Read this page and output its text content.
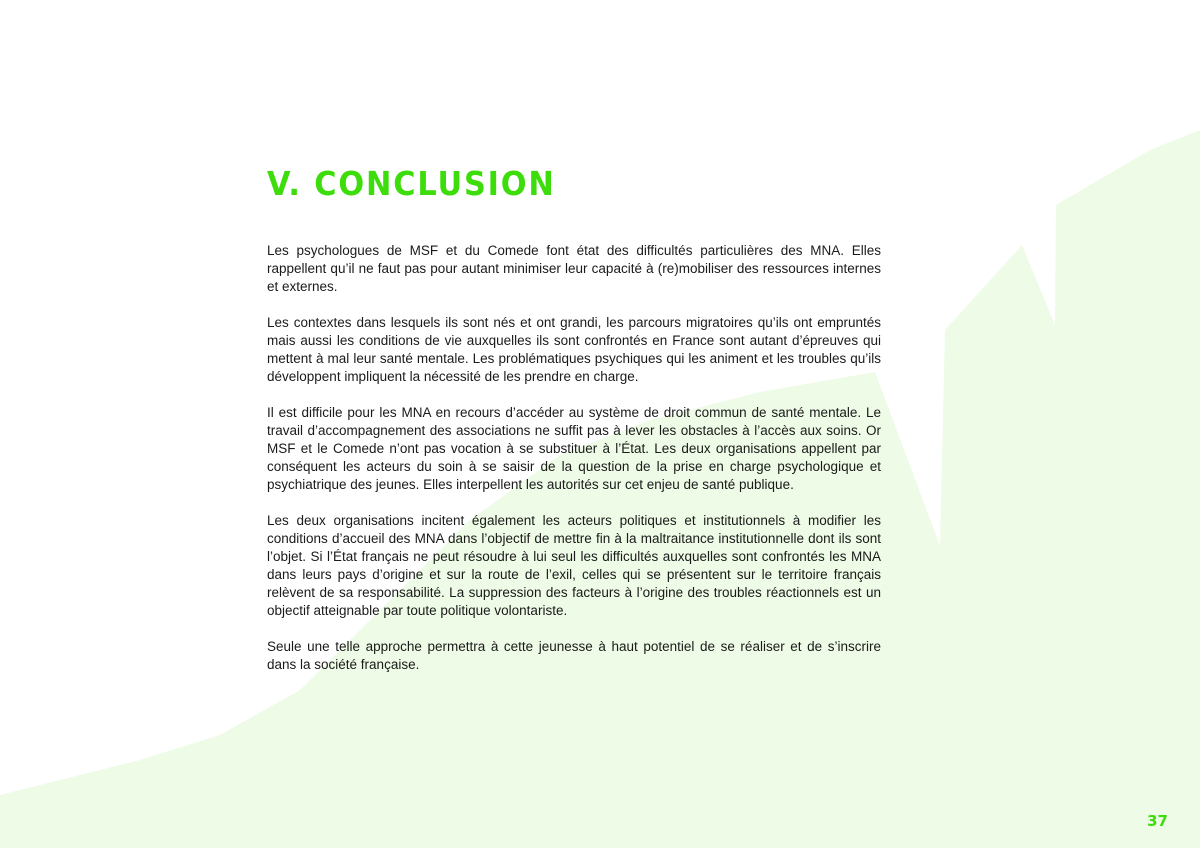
V. CONCLUSION

Les psychologues de MSF et du Comede font état des difficultés particulières des MNA. Elles rappellent qu’il ne faut pas pour autant minimiser leur capacité à (re)mobiliser des ressources internes et externes.

Les contextes dans lesquels ils sont nés et ont grandi, les parcours migratoires qu’ils ont empruntés mais aussi les conditions de vie auxquelles ils sont confrontés en France sont autant d’épreuves qui mettent à mal leur santé mentale. Les problématiques psychiques qui les animent et les troubles qu’ils développent impliquent la nécessité de les prendre en charge.

Il est difficile pour les MNA en recours d’accéder au système de droit commun de santé mentale. Le travail d’accompagnement des associations ne suffit pas à lever les obstacles à l’accès aux soins. Or MSF et le Comede n’ont pas vocation à se substituer à l’État. Les deux organisations appellent par conséquent les acteurs du soin à se saisir de la question de la prise en charge psychologique et psychiatrique des jeunes. Elles interpellent les autorités sur cet enjeu de santé publique.

Les deux organisations incitent également les acteurs politiques et institutionnels à modifier les conditions d’accueil des MNA dans l’objectif de mettre fin à la maltraitance institutionnelle dont ils sont l’objet. Si l’État français ne peut résoudre à lui seul les difficultés auxquelles sont confrontés les MNA dans leurs pays d’origine et sur la route de l’exil, celles qui se présentent sur le territoire français relèvent de sa responsabilité. La suppression des facteurs à l’origine des troubles réactionnels est un objectif atteignable par toute politique volontariste.

Seule une telle approche permettra à cette jeunesse à haut potentiel de se réaliser et de s’inscrire dans la société française.

37
